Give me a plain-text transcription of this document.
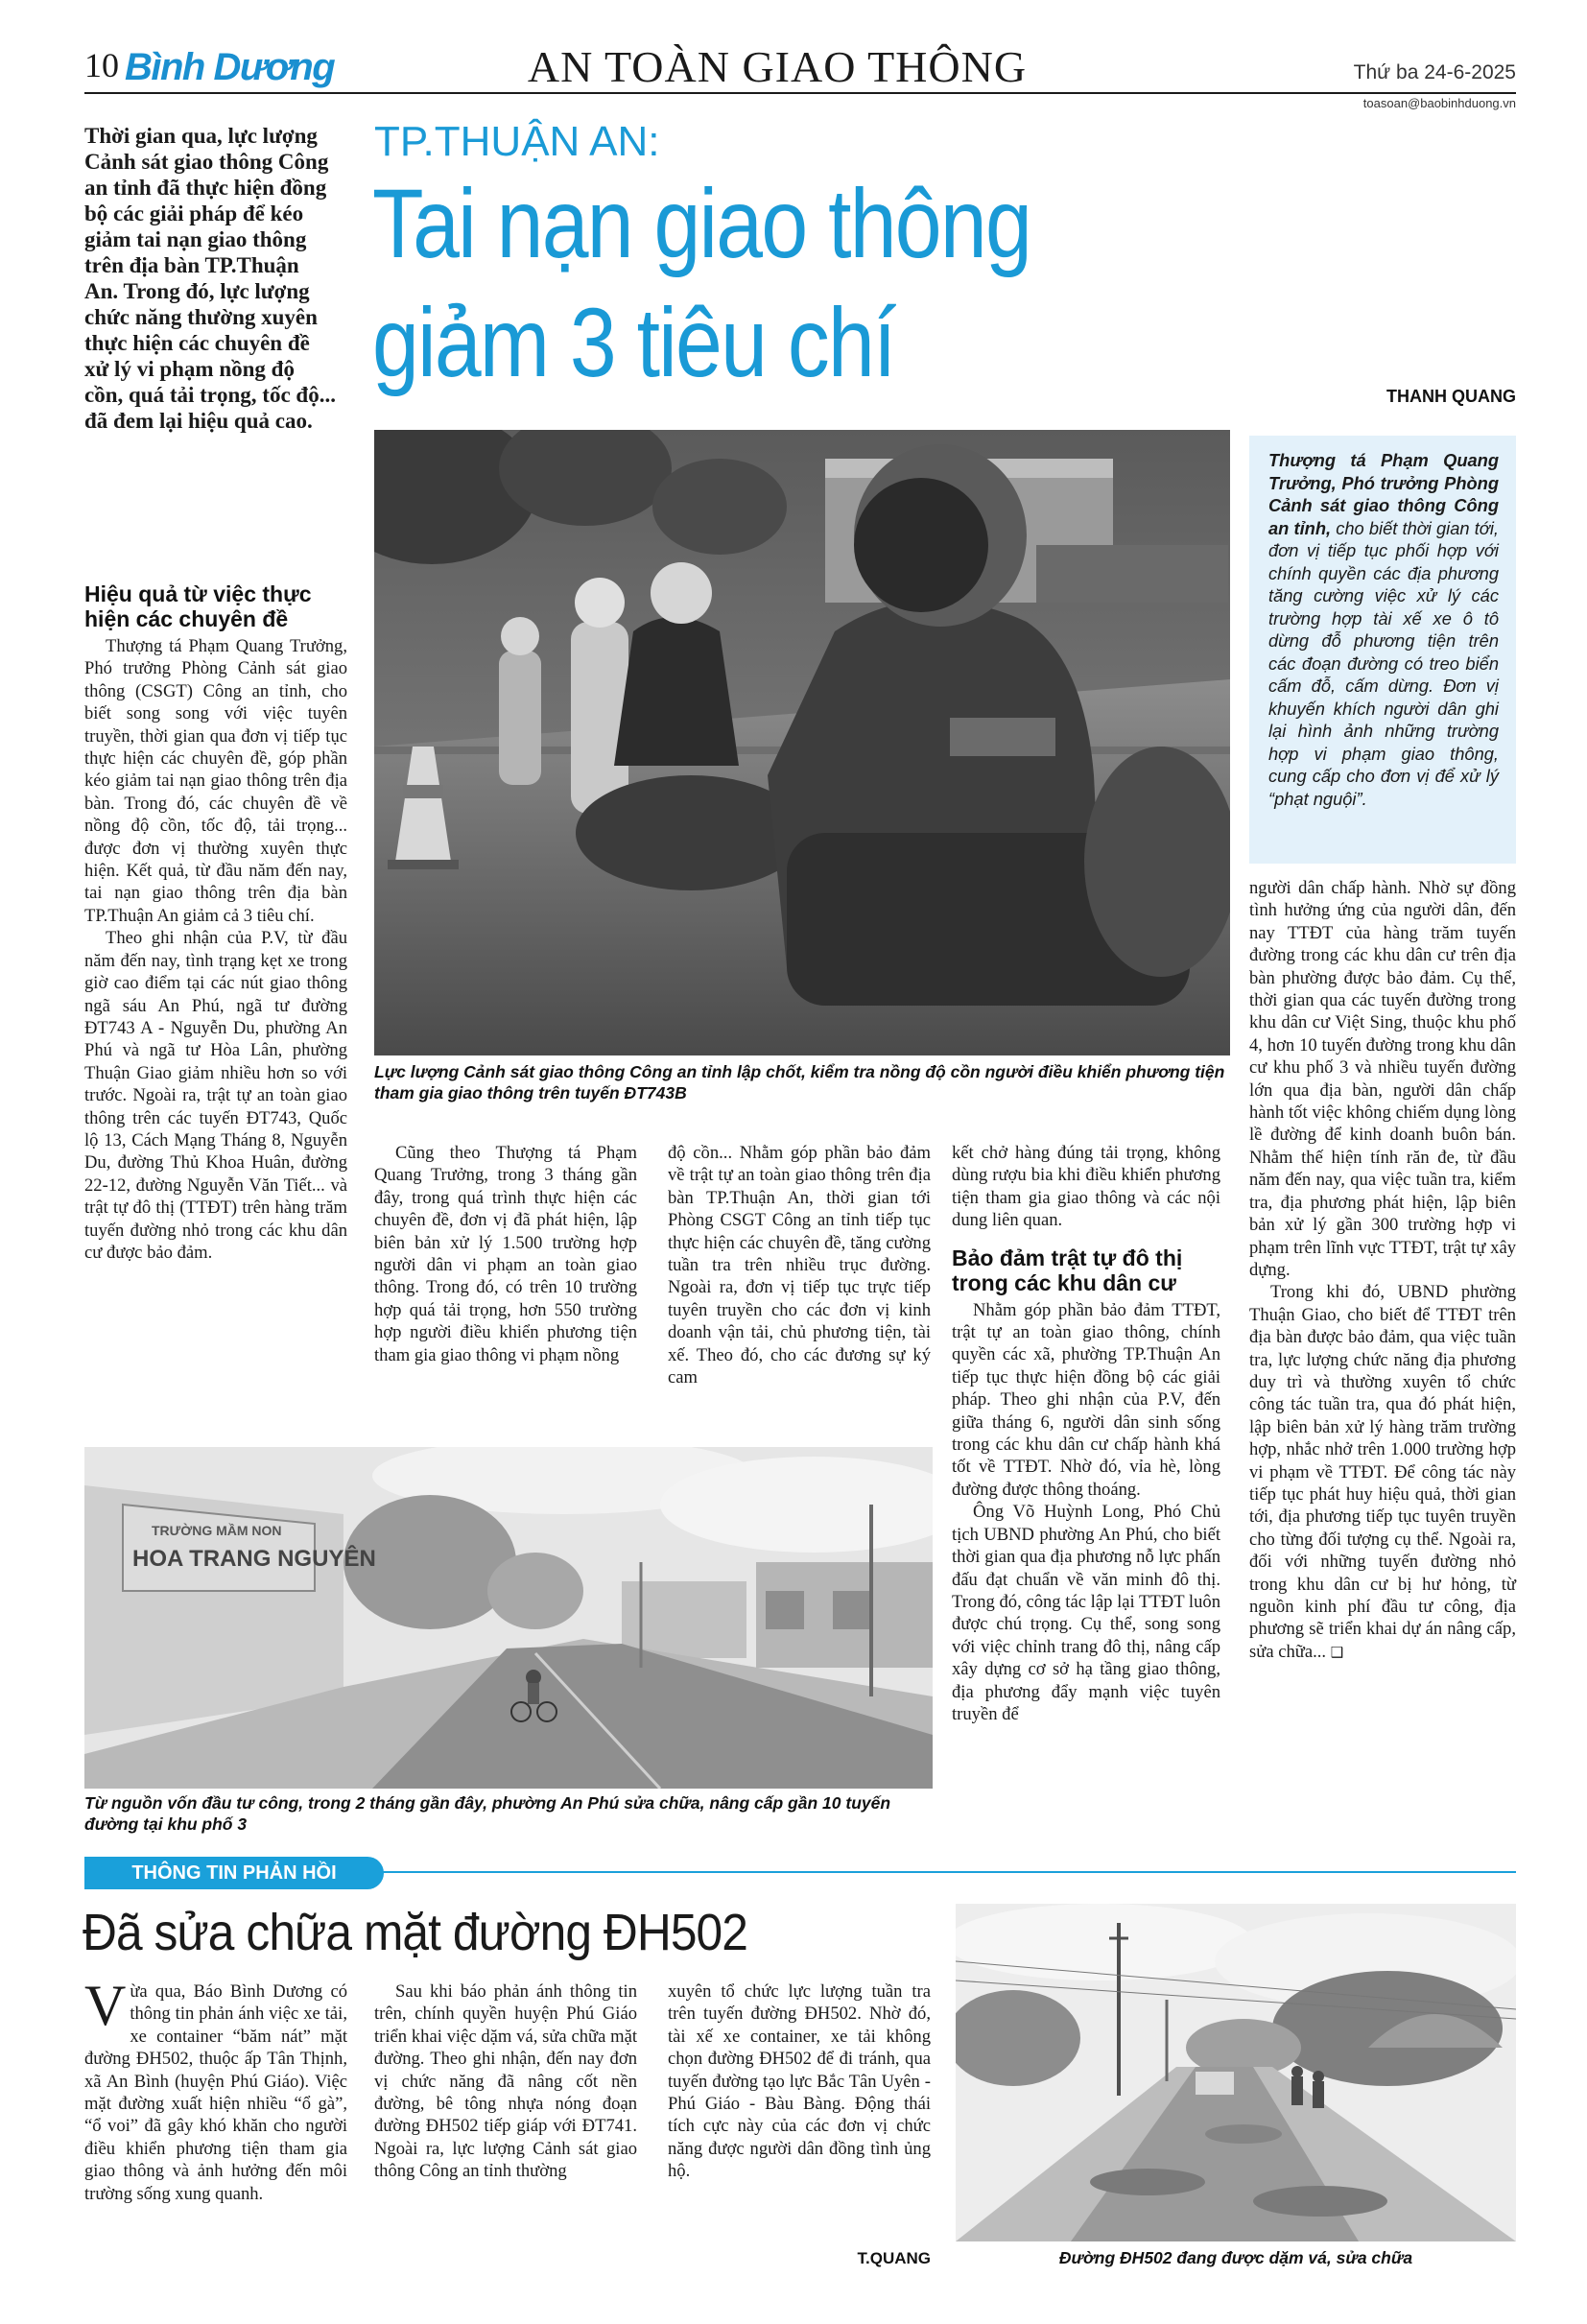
10 Bình Dương	AN TOÀN GIAO THÔNG	Thứ ba 24-6-2025
toasoan@baobinhduong.vn
Thời gian qua, lực lượng Cảnh sát giao thông Công an tỉnh đã thực hiện đồng bộ các giải pháp để kéo giảm tai nạn giao thông trên địa bàn TP.Thuận An. Trong đó, lực lượng chức năng thường xuyên thực hiện các chuyên đề xử lý vi phạm nồng độ cồn, quá tải trọng, tốc độ... đã đem lại hiệu quả cao.
TP.THUẬN AN:
Tai nạn giao thông
giảm 3 tiêu chí	THANH QUANG
Lực lượng Cảnh sát giao thông Công an tỉnh lập chốt, kiểm tra nồng độ cồn người điều khiển phương tiện tham gia giao thông trên tuyến ĐT743B
Thượng tá Phạm Quang Trưởng, Phó trưởng Phòng Cảnh sát giao thông Công an tỉnh, cho biết thời gian tới, đơn vị tiếp tục phối hợp với chính quyền các địa phương tăng cường việc xử lý các trường hợp tài xế xe ô tô dừng đỗ phương tiện trên các đoạn đường có treo biển cấm đỗ, cấm dừng. Đơn vị khuyến khích người dân ghi lại hình ảnh những trường hợp vi phạm giao thông, cung cấp cho đơn vị để xử lý “phạt nguội”.
Hiệu quả từ việc thực hiện các chuyên đề

Thượng tá Phạm Quang Trưởng, Phó trưởng Phòng Cảnh sát giao thông (CSGT) Công an tỉnh, cho biết song song với việc tuyên truyền, thời gian qua đơn vị tiếp tục thực hiện các chuyên đề, góp phần kéo giảm tai nạn giao thông trên địa bàn. Trong đó, các chuyên đề về nồng độ cồn, tốc độ, tải trọng... được đơn vị thường xuyên thực hiện. Kết quả, từ đầu năm đến nay, tai nạn giao thông trên địa bàn TP.Thuận An giảm cả 3 tiêu chí.

Theo ghi nhận của P.V, từ đầu năm đến nay, tình trạng kẹt xe trong giờ cao điểm tại các nút giao thông ngã sáu An Phú, ngã tư đường ĐT743 A - Nguyễn Du, phường An Phú và ngã tư Hòa Lân, phường Thuận Giao giảm nhiều hơn so với trước. Ngoài ra, trật tự an toàn giao thông trên các tuyến ĐT743, Quốc lộ 13, Cách Mạng Tháng 8, Nguyễn Du, đường Thủ Khoa Huân, đường 22-12, đường Nguyễn Văn Tiết... và trật tự đô thị (TTĐT) trên hàng trăm tuyến đường nhỏ trong các khu dân cư được bảo đảm.

Cũng theo Thượng tá Phạm Quang Trưởng, trong 3 tháng gần đây, trong quá trình thực hiện các chuyên đề, đơn vị đã phát hiện, lập biên bản xử lý 1.500 trường hợp người dân vi phạm an toàn giao thông. Trong đó, có trên 10 trường hợp quá tải trọng, hơn 550 trường hợp người điều khiển phương tiện tham gia giao thông vi phạm nồng

độ cồn... Nhằm góp phần bảo đảm về trật tự an toàn giao thông trên địa bàn TP.Thuận An, thời gian tới Phòng CSGT Công an tỉnh tiếp tục thực hiện các chuyên đề, tăng cường tuần tra trên nhiều trục đường. Ngoài ra, đơn vị tiếp tục trực tiếp tuyên truyền cho các đơn vị kinh doanh vận tải, chủ phương tiện, tài xế. Theo đó, cho các đương sự ký cam

kết chở hàng đúng tải trọng, không dùng rượu bia khi điều khiển phương tiện tham gia giao thông và các nội dung liên quan.

Bảo đảm trật tự đô thị trong các khu dân cư

Nhằm góp phần bảo đảm TTĐT, trật tự an toàn giao thông, chính quyền các xã, phường TP.Thuận An tiếp tục thực hiện đồng bộ các giải pháp. Theo ghi nhận của P.V, đến giữa tháng 6, người dân sinh sống trong các khu dân cư chấp hành khá tốt về TTĐT. Nhờ đó, vỉa hè, lòng đường được thông thoáng.

Ông Võ Huỳnh Long, Phó Chủ tịch UBND phường An Phú, cho biết thời gian qua địa phương nỗ lực phấn đấu đạt chuẩn về văn minh đô thị. Trong đó, công tác lập lại TTĐT luôn được chú trọng. Cụ thể, song song với việc chỉnh trang đô thị, nâng cấp xây dựng cơ sở hạ tầng giao thông, địa phương đẩy mạnh việc tuyên truyền để

người dân chấp hành. Nhờ sự đồng tình hưởng ứng của người dân, đến nay TTĐT của hàng trăm tuyến đường trong các khu dân cư trên địa bàn phường được bảo đảm. Cụ thể, thời gian qua các tuyến đường trong khu dân cư Việt Sing, thuộc khu phố 4, hơn 10 tuyến đường trong khu dân cư khu phố 3 và nhiều tuyến đường lớn qua địa bàn, người dân chấp hành tốt việc không chiếm dụng lòng lề đường để kinh doanh buôn bán. Nhằm thế hiện tính răn đe, từ đầu năm đến nay, qua việc tuần tra, kiểm tra, địa phương phát hiện, lập biên bản xử lý gần 300 trường hợp vi phạm trên lĩnh vực TTĐT, trật tự xây dựng.

Trong khi đó, UBND phường Thuận Giao, cho biết để TTĐT trên địa bàn được bảo đảm, qua việc tuần tra, lực lượng chức năng địa phương duy trì và thường xuyên tổ chức công tác tuần tra, qua đó phát hiện, lập biên bản xử lý hàng trăm trường hợp, nhắc nhở trên 1.000 trường hợp vi phạm về TTĐT. Để công tác này tiếp tục phát huy hiệu quả, thời gian tới, địa phương tiếp tục tuyên truyền cho từng đối tượng cụ thể. Ngoài ra, đối với những tuyến đường nhỏ trong khu dân cư bị hư hỏng, từ nguồn kinh phí đầu tư công, địa phương sẽ triển khai dự án nâng cấp, sửa chữa... ❑

TRƯỜNG MẦM NON
HOA TRANG NGUYÊN
Từ nguồn vốn đầu tư công, trong 2 tháng gần đây, phường An Phú sửa chữa, nâng cấp gần 10 tuyến đường tại khu phố 3
THÔNG TIN PHẢN HỒI
Đã sửa chữa mặt đường ĐH502

Vừa qua, Báo Bình Dương có thông tin phản ánh việc xe tải, xe container “băm nát” mặt đường ĐH502, thuộc ấp Tân Thịnh, xã An Bình (huyện Phú Giáo). Việc mặt đường xuất hiện nhiều “ổ gà”, “ổ voi” đã gây khó khăn cho người điều khiển phương tiện tham gia giao thông và ảnh hưởng đến môi trường sống xung quanh.

Sau khi báo phản ánh thông tin trên, chính quyền huyện Phú Giáo triển khai việc dặm vá, sửa chữa mặt đường. Theo ghi nhận, đến nay đơn vị chức năng đã nâng cốt nền đường, bê tông nhựa nóng đoạn đường ĐH502 tiếp giáp với ĐT741. Ngoài ra, lực lượng Cảnh sát giao thông Công an tỉnh thường

xuyên tổ chức lực lượng tuần tra trên tuyến đường ĐH502. Nhờ đó, tài xế xe container, xe tải không chọn đường ĐH502 để đi tránh, qua tuyến đường tạo lực Bắc Tân Uyên - Phú Giáo - Bàu Bàng. Động thái tích cực này của các đơn vị chức năng được người dân đồng tình ủng hộ.

T.QUANG	Đường ĐH502 đang được dặm vá, sửa chữa
